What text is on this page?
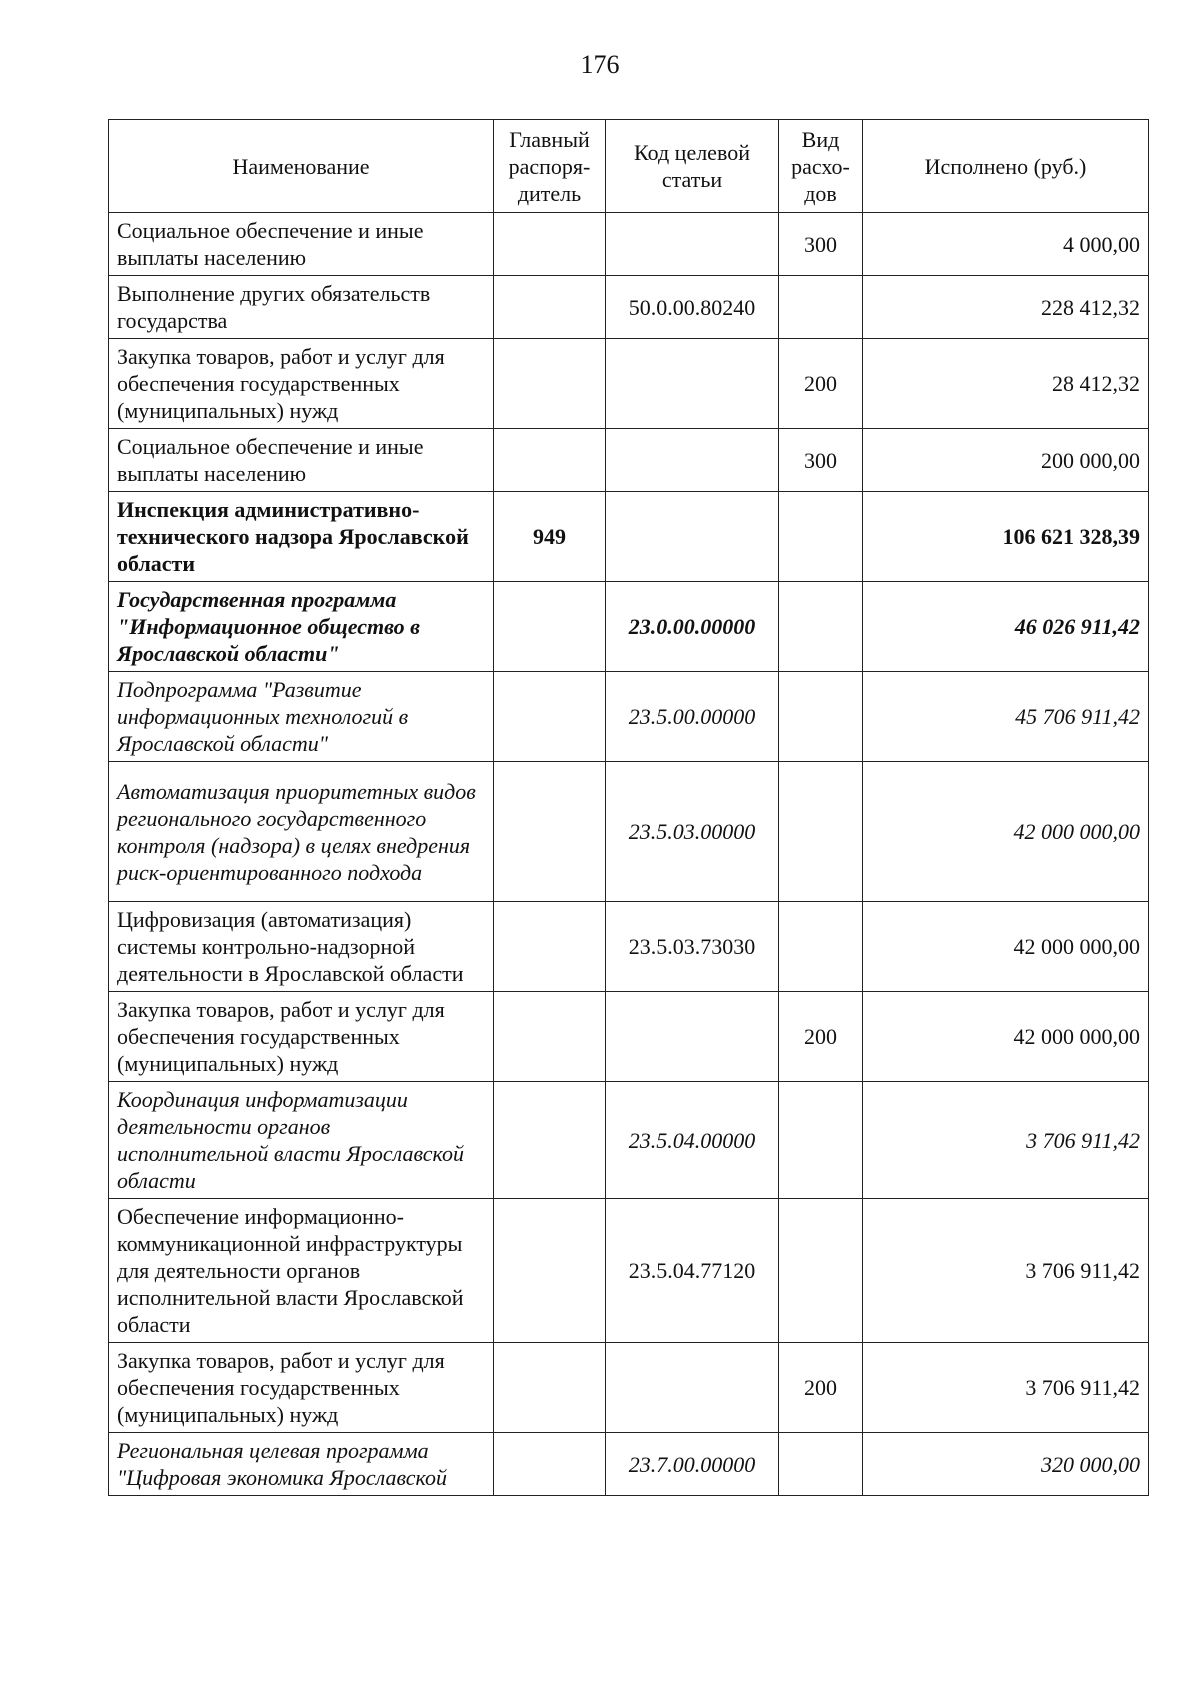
176
Наименование	Главный распоря-дитель	Код целевой статьи	Вид расхо-дов	Исполнено (руб.)
Социальное обеспечение и иные выплаты населению			300	4 000,00
Выполнение других обязательств государства		50.0.00.80240		228 412,32
Закупка товаров, работ и услуг для обеспечения государственных (муниципальных) нужд			200	28 412,32
Социальное обеспечение и иные выплаты населению			300	200 000,00
Инспекция административно-технического надзора Ярославской области	949			106 621 328,39
Государственная программа "Информационное общество в Ярославской области"		23.0.00.00000		46 026 911,42
Подпрограмма "Развитие информационных технологий в Ярославской области"		23.5.00.00000		45 706 911,42
Автоматизация приоритетных видов регионального государственного контроля (надзора) в целях внедрения риск-ориентированного подхода		23.5.03.00000		42 000 000,00
Цифровизация (автоматизация) системы контрольно-надзорной деятельности в Ярославской области		23.5.03.73030		42 000 000,00
Закупка товаров, работ и услуг для обеспечения государственных (муниципальных) нужд			200	42 000 000,00
Координация информатизации деятельности органов исполнительной власти Ярославской области		23.5.04.00000		3 706 911,42
Обеспечение информационно-коммуникационной инфраструктуры для деятельности органов исполнительной власти Ярославской области		23.5.04.77120		3 706 911,42
Закупка товаров, работ и услуг для обеспечения государственных (муниципальных) нужд			200	3 706 911,42
Региональная целевая программа "Цифровая экономика Ярославской		23.7.00.00000		320 000,00
